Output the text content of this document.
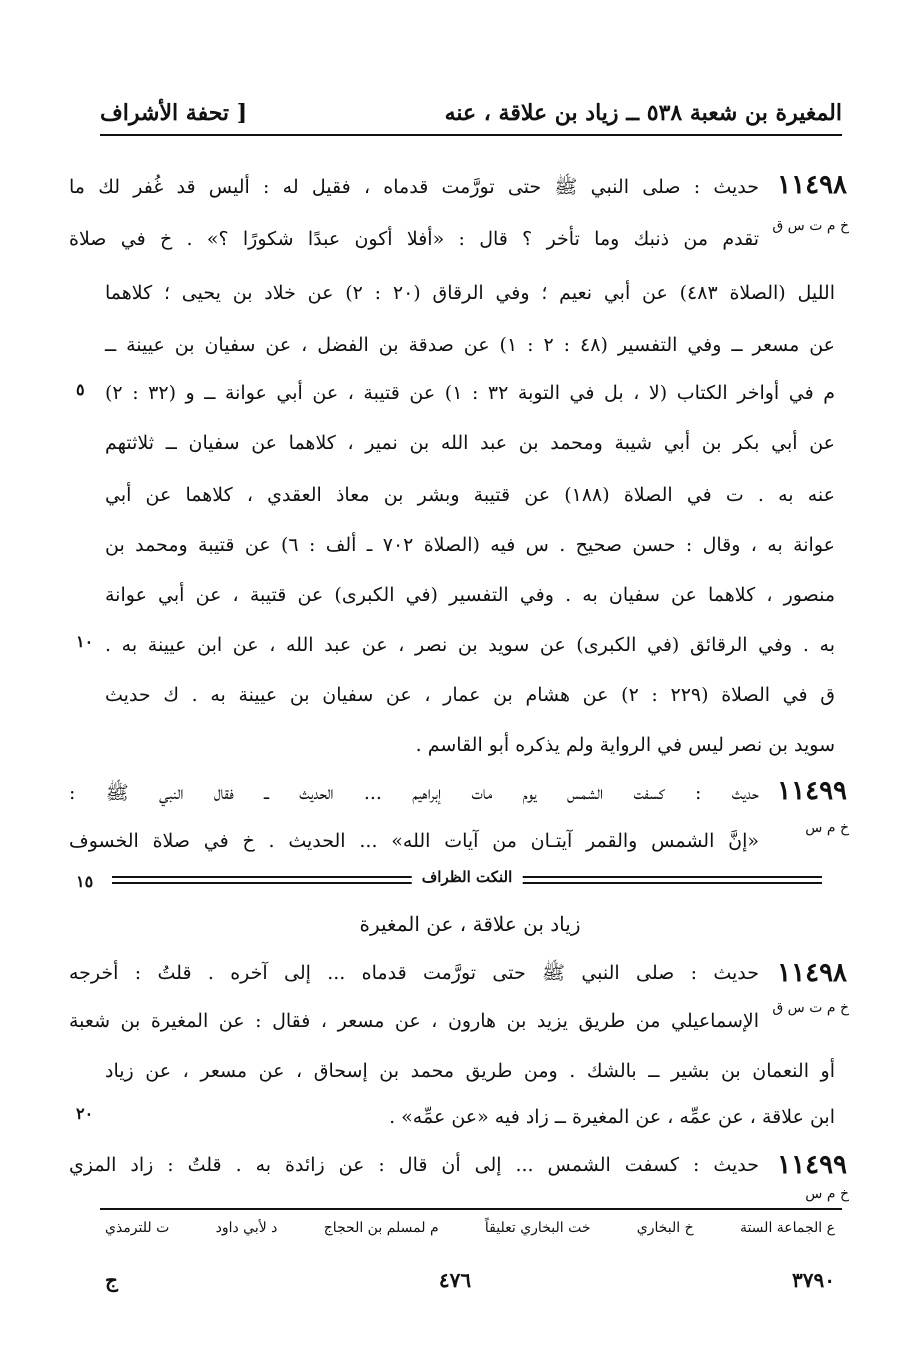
المغيرة بن شعبة ٥٣٨ ــ زياد بن علاقة ، عنه
[ تحفة الأشراف
١١٤٩٨
خ م ت س ق
حديث : صلى النبي ﷺ حتى تورَّمت قدماه ، فقيل له : أليس قد غُفر لك ما
تقدم من ذنبك وما تأخر ؟ قال : «أفلا أكون عبدًا شكورًا ؟» . خ في صلاة
الليل (الصلاة ٤٨٣) عن أبي نعيم ؛ وفي الرقاق (٢٠ : ٢) عن خلاد بن يحيى ؛ كلاهما
عن مسعر ــ وفي التفسير (٤٨ : ٢ : ١) عن صدقة بن الفضل ، عن سفيان بن عيينة ــ
م في أواخر الكتاب (لا ، بل في التوبة ٣٢ : ١) عن قتيبة ، عن أبي عوانة ــ و (٣٢ : ٢)
٥
عن أبي بكر بن أبي شيبة ومحمد بن عبد الله بن نمير ، كلاهما عن سفيان ــ ثلاثتهم
عنه به . ت في الصلاة (١٨٨) عن قتيبة وبشر بن معاذ العقدي ، كلاهما عن أبي
عوانة به ، وقال : حسن صحيح . س فيه (الصلاة ٧٠٢ ـ ألف : ٦) عن قتيبة ومحمد بن
منصور ، كلاهما عن سفيان به . وفي التفسير (في الكبرى) عن قتيبة ، عن أبي عوانة
به . وفي الرقائق (في الكبرى) عن سويد بن نصر ، عن عبد الله ، عن ابن عيينة به .
١٠
ق في الصلاة (٢٢٩ : ٢) عن هشام بن عمار ، عن سفيان بن عيينة به . ك حديث
سويد بن نصر ليس في الرواية ولم يذكره أبو القاسم .
١١٤٩٩
خ م س
حديث : كسفت الشمس يوم مات إبراهيم ... الحديث ــ فقال النبي ﷺ :
«إنَّ الشمس والقمر آيتـان من آيات الله» ... الحديث . خ في صلاة الخسوف
النكت الظراف
١٥
زياد بن علاقة ، عن المغيرة
١١٤٩٨
خ م ت س ق
حديث : صلى النبي ﷺ حتى تورَّمت قدماه ... إلى آخره . قلتُ : أخرجه
الإسماعيلي من طريق يزيد بن هارون ، عن مسعر ، فقال : عن المغيرة بن شعبة
أو النعمان بن بشير ــ بالشك . ومن طريق محمد بن إسحاق ، عن مسعر ، عن زياد
ابن علاقة ، عن عمِّه ، عن المغيرة ــ زاد فيه «عن عمِّه» .
٢٠
١١٤٩٩
خ م س
حديث : كسفت الشمس ... إلى أن قال : عن زائدة به . قلتُ : زاد المزي
ع الجماعة الستة
خ البخاري
خت البخاري تعليقاً
م لمسلم بن الحجاج
د لأبي داود
ت للترمذي
٣٧٩٠
٤٧٦
ج
